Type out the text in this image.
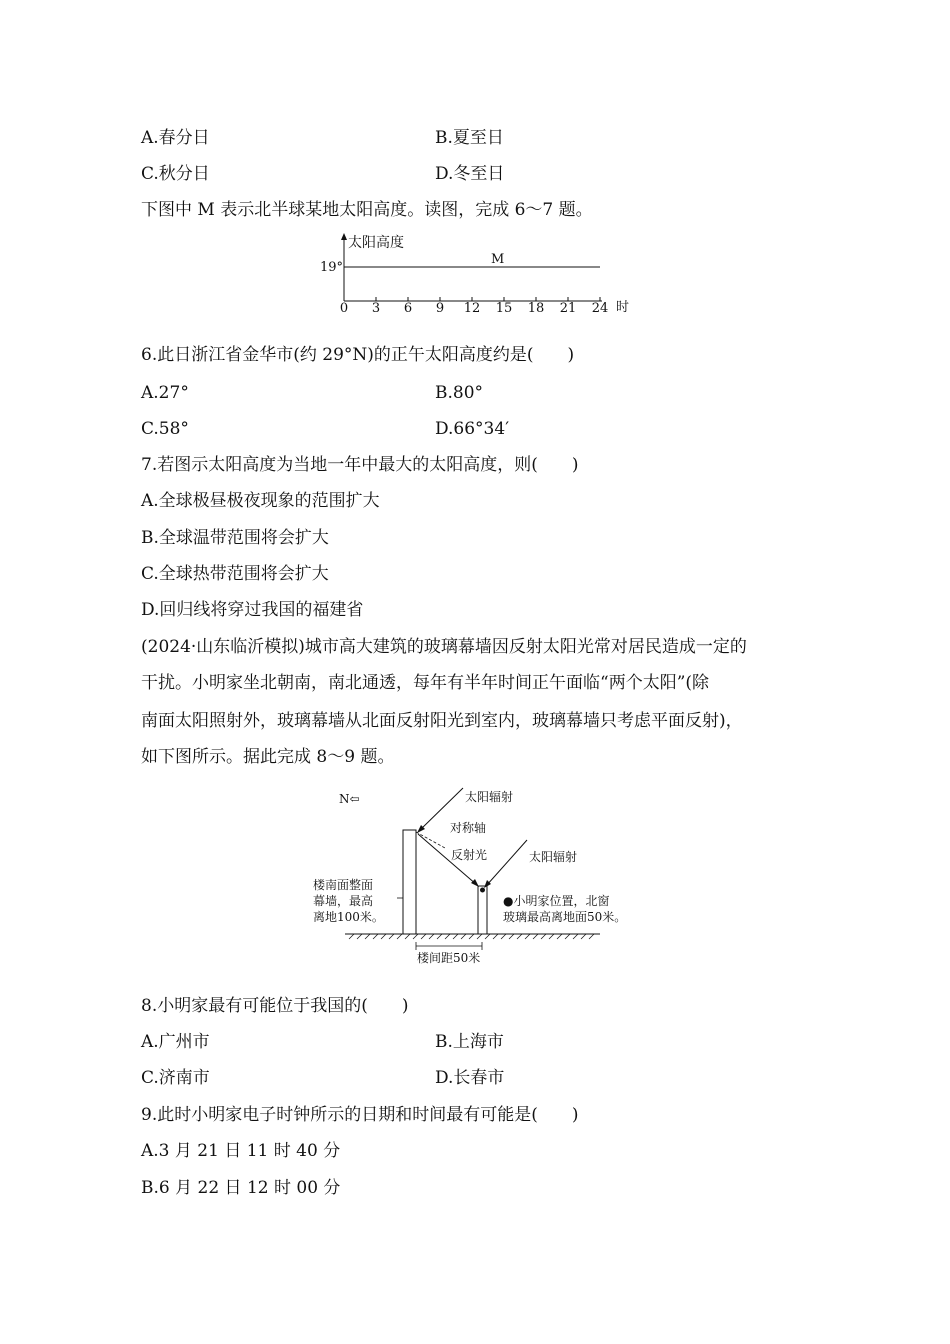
A.春分日	B.夏至日
C.秋分日	D.冬至日
下图中 M 表示北半球某地太阳高度。读图，完成 6～7 题。
0 3 6 9 12 15 18 21 24
太阳高度
19°
M
时
6.此日浙江省金华市(约 29°N)的正午太阳高度约是(　　)
A.27°	B.80°
C.58°	D.66°34′
7.若图示太阳高度为当地一年中最大的太阳高度，则(　　)
A.全球极昼极夜现象的范围扩大
B.全球温带范围将会扩大
C.全球热带范围将会扩大
D.回归线将穿过我国的福建省
(2024·山东临沂模拟)城市高大建筑的玻璃幕墙因反射太阳光常对居民造成一定的
干扰。小明家坐北朝南，南北通透，每年有半年时间正午面临“两个太阳”(除
南面太阳照射外，玻璃幕墙从北面反射阳光到室内，玻璃幕墙只考虑平面反射)，
如下图所示。据此完成 8～9 题。
N⇦	太阳辐射
对称轴
反射光	太阳辐射
楼南面整面
幕墙，最高
离地100米。
●小明家位置，北窗
玻璃最高离地面50米。
楼间距50米
8.小明家最有可能位于我国的(　　)
A.广州市	B.上海市
C.济南市	D.长春市
9.此时小明家电子时钟所示的日期和时间最有可能是(　　)
A.3 月 21 日 11 时 40 分
B.6 月 22 日 12 时 00 分
